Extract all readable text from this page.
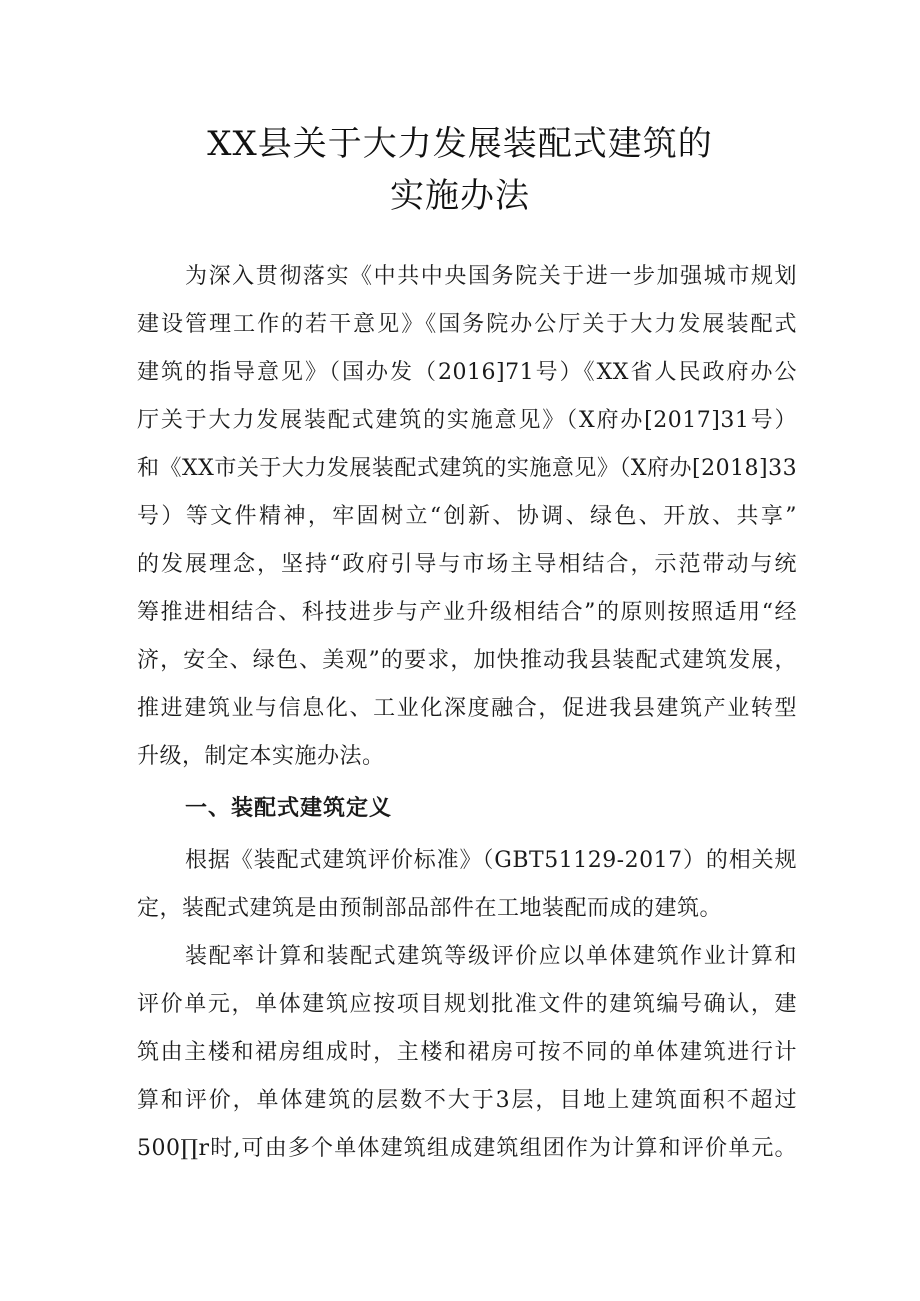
XX县关于大力发展装配式建筑的
实施办法
为深入贯彻落实《中共中央国务院关于进一步加强城市规划
建设管理工作的若干意见》《国务院办公厅关于大力发展装配式
建筑的指导意见》（国办发（2016]71号）《XX省人民政府办公
厅关于大力发展装配式建筑的实施意见》（X府办[2017]31号）
和《XX市关于大力发展装配式建筑的实施意见》（X府办[2018]33
号）等文件精神，牢固树立“创新、协调、绿色、开放、共享”
的发展理念，坚持“政府引导与市场主导相结合，示范带动与统
筹推进相结合、科技进步与产业升级相结合”的原则按照适用“经
济，安全、绿色、美观”的要求，加快推动我县装配式建筑发展，
推进建筑业与信息化、工业化深度融合，促进我县建筑产业转型
升级，制定本实施办法。
一、装配式建筑定义
根据《装配式建筑评价标准》（GBT51129-2017）的相关规
定，装配式建筑是由预制部品部件在工地装配而成的建筑。
装配率计算和装配式建筑等级评价应以单体建筑作业计算和
评价单元，单体建筑应按项目规划批准文件的建筑编号确认，建
筑由主楼和裙房组成时，主楼和裙房可按不同的单体建筑进行计
算和评价，单体建筑的层数不大于3层，目地上建筑面积不超过
500∏r时,可由多个单体建筑组成建筑组团作为计算和评价单元。
